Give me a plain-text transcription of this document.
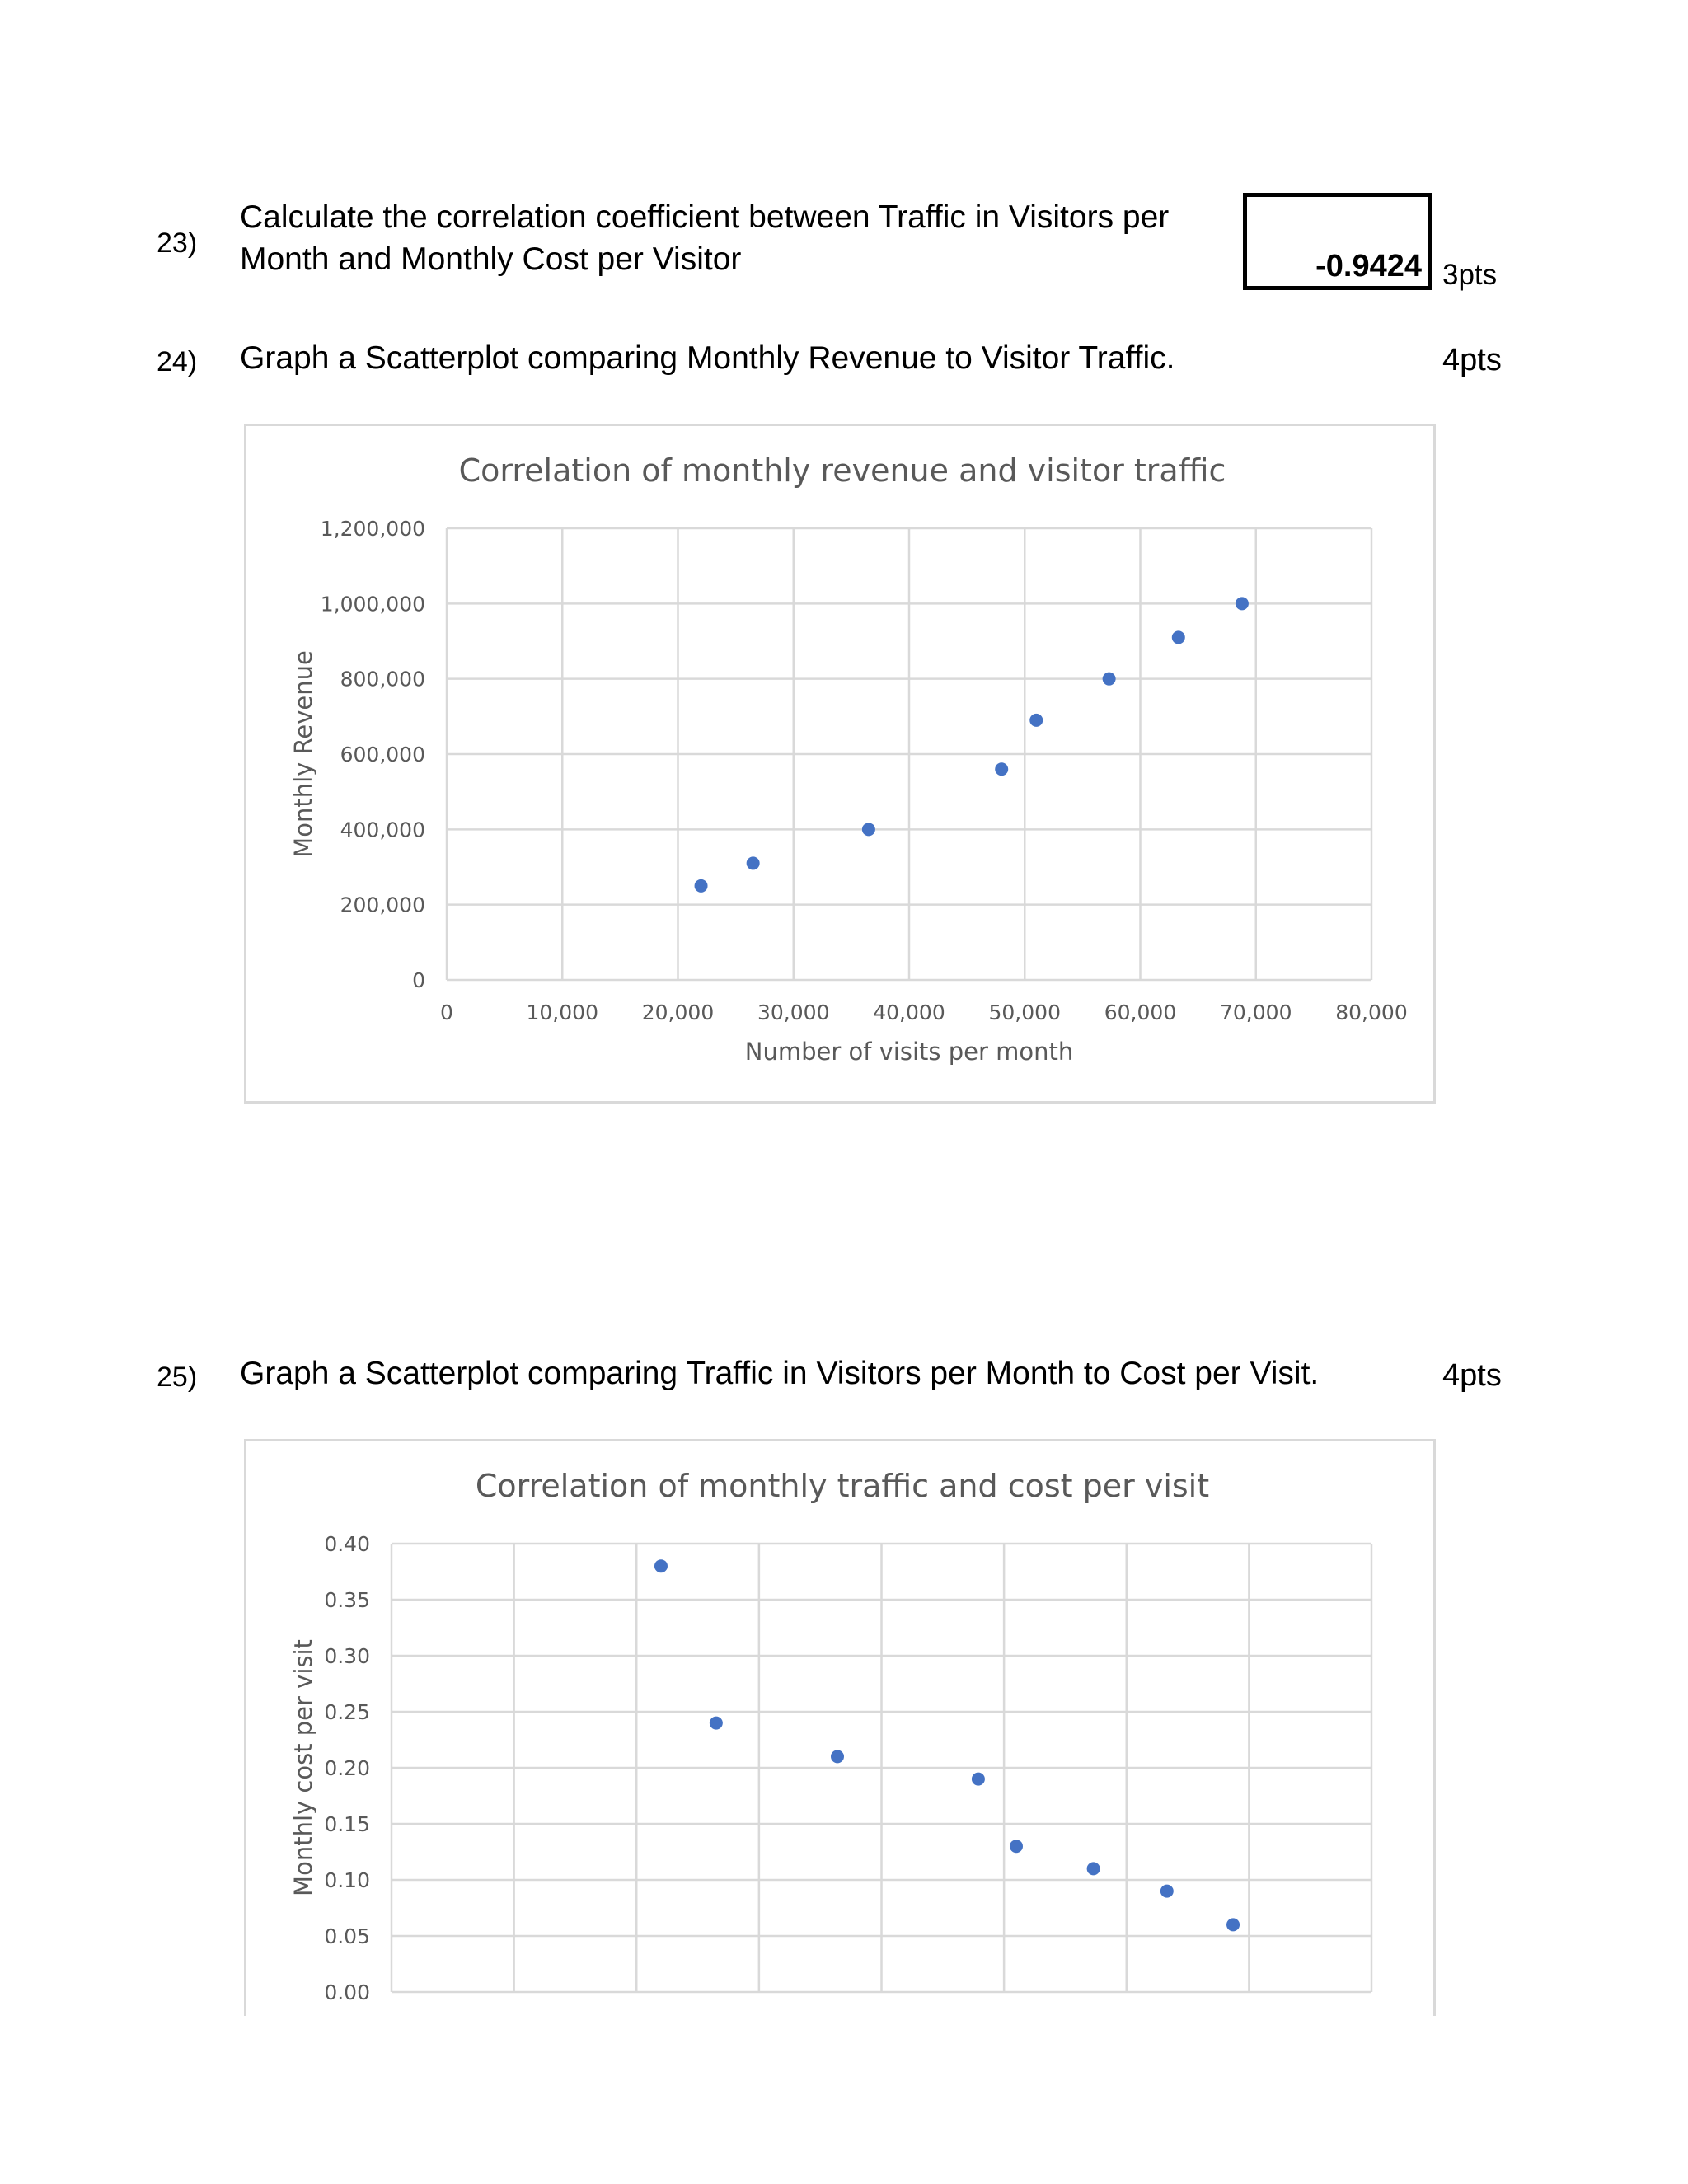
23)
Calculate the correlation coefficient between Traffic in Visitors per
Month and Monthly Cost per Visitor	-0.9424 3pts
24) Graph a Scatterplot comparing Monthly Revenue to Visitor Traffic.	4pts
Correlation of monthly revenue and visitor traffic
0
200,000
400,000
600,000
800,000
1,000,000
1,200,000
0	10,000 20,000 30,000 40,000 50,000 60,000 70,000 80,000
Number of visits per month
Monthly Revenue
25) Graph a Scatterplot comparing Traffic in Visitors per Month to Cost per Visit.	4pts
Correlation of monthly traffic and cost per visit
0.00
0.05
0.10
0.15
0.20
0.25
0.30
0.35
0.40
Monthly cost per visit
